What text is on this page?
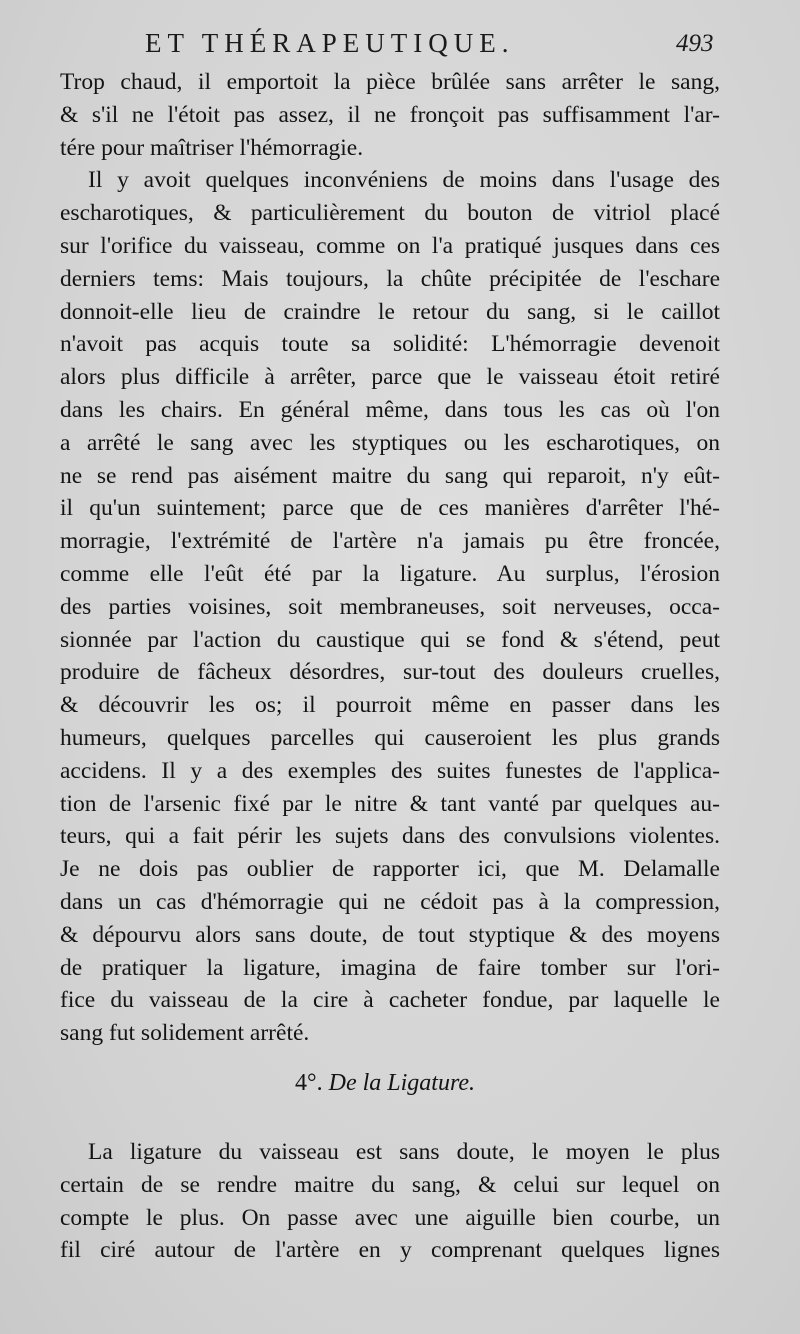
ET THÉRAPEUTIQUE.	493
Trop chaud, il emportoit la pièce brûlée sans arrêter le sang,
& s'il ne l'étoit pas assez, il ne fronçoit pas suffisamment l'ar-
tére pour maîtriser l'hémorragie.
Il y avoit quelques inconvéniens de moins dans l'usage des
escharotiques, & particulièrement du bouton de vitriol placé
sur l'orifice du vaisseau, comme on l'a pratiqué jusques dans ces
derniers tems: Mais toujours, la chûte précipitée de l'eschare
donnoit-elle lieu de craindre le retour du sang, si le caillot
n'avoit pas acquis toute sa solidité: L'hémorragie devenoit
alors plus difficile à arrêter, parce que le vaisseau étoit retiré
dans les chairs. En général même, dans tous les cas où l'on
a arrêté le sang avec les styptiques ou les escharotiques, on
ne se rend pas aisément maitre du sang qui reparoit, n'y eût-
il qu'un suintement; parce que de ces manières d'arrêter l'hé-
morragie, l'extrémité de l'artère n'a jamais pu être froncée,
comme elle l'eût été par la ligature. Au surplus, l'érosion
des parties voisines, soit membraneuses, soit nerveuses, occa-
sionnée par l'action du caustique qui se fond & s'étend, peut
produire de fâcheux désordres, sur-tout des douleurs cruelles,
& découvrir les os; il pourroit même en passer dans les
humeurs, quelques parcelles qui causeroient les plus grands
accidens. Il y a des exemples des suites funestes de l'applica-
tion de l'arsenic fixé par le nitre & tant vanté par quelques au-
teurs, qui a fait périr les sujets dans des convulsions violentes.
Je ne dois pas oublier de rapporter ici, que M. Delamalle
dans un cas d'hémorragie qui ne cédoit pas à la compression,
& dépourvu alors sans doute, de tout styptique & des moyens
de pratiquer la ligature, imagina de faire tomber sur l'ori-
fice du vaisseau de la cire à cacheter fondue, par laquelle le
sang fut solidement arrêté.
4°. De la Ligature.
La ligature du vaisseau est sans doute, le moyen le plus
certain de se rendre maitre du sang, & celui sur lequel on
compte le plus. On passe avec une aiguille bien courbe, un
fil ciré autour de l'artère en y comprenant quelques lignes
